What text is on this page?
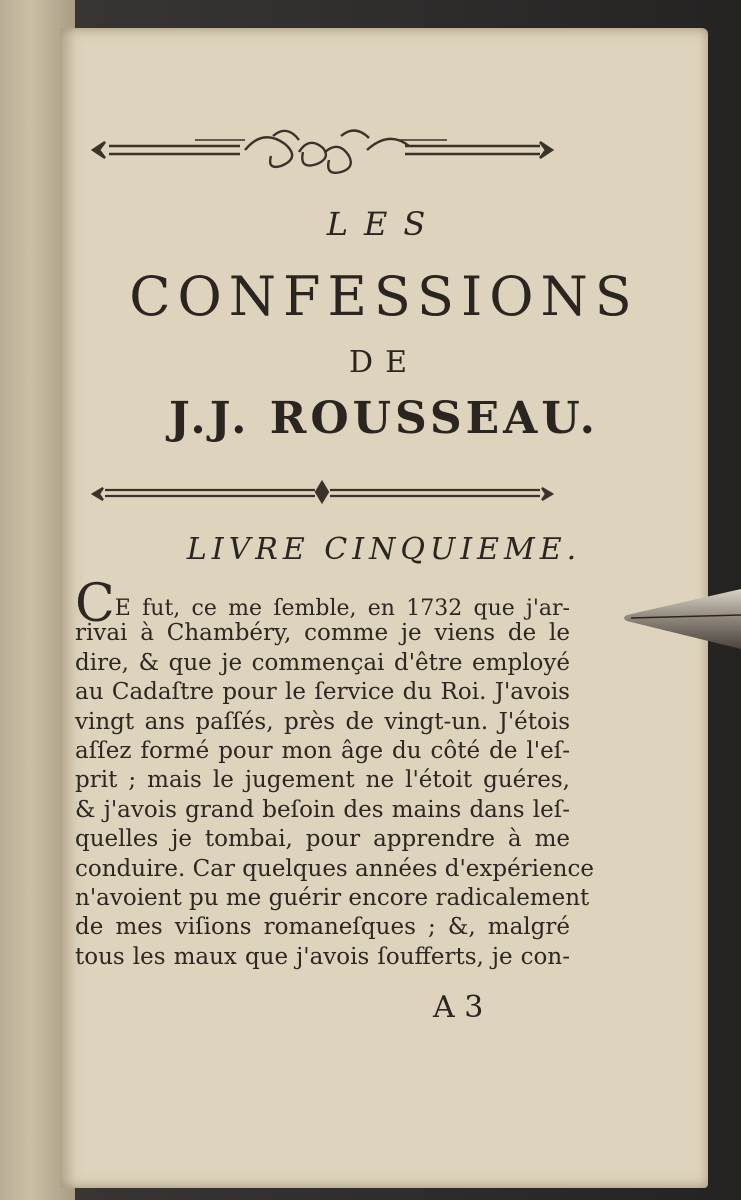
LES

CONFESSIONS

DE

J.J. ROUSSEAU.

LIVRE CINQUIEME.

CE fut, ce me ſemble, en 1732 que j'ar-
rivai à Chambéry, comme je viens de le
dire, & que je commençai d'être employé
au Cadaſtre pour le ſervice du Roi. J'avois
vingt ans paſſés, près de vingt-un. J'étois
aſſez formé pour mon âge du côté de l'eſ-
prit ; mais le jugement ne l'étoit guéres,
& j'avois grand beſoin des mains dans leſ-
quelles je tombai, pour apprendre à me
conduire. Car quelques années d'expérience
n'avoient pu me guérir encore radicalement
de mes viſions romaneſques ; &, malgré
tous les maux que j'avois ſoufferts, je con-
A 3
